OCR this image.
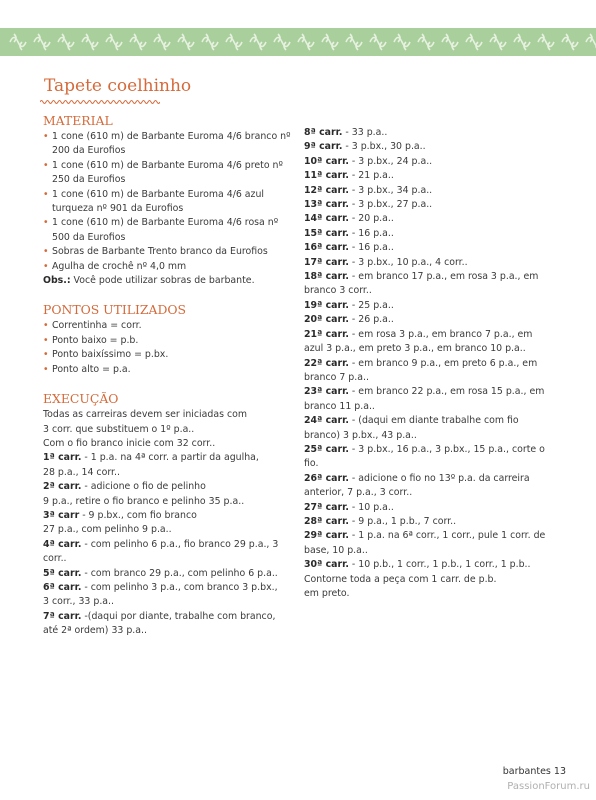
Tapete coelhinho
MATERIAL
• 1 cone (610 m) de Barbante Euroma 4/6 branco nº 200 da Eurofios
• 1 cone (610 m) de Barbante Euroma 4/6 preto nº 250 da Eurofios
• 1 cone (610 m) de Barbante Euroma 4/6 azul turqueza nº 901 da Eurofios
• 1 cone (610 m) de Barbante Euroma 4/6 rosa nº 500 da Eurofios
• Sobras de Barbante Trento branco da Eurofios
• Agulha de crochê nº 4,0 mm

Obs.: Você pode utilizar sobras de barbante.

PONTOS UTILIZADOS
• Correntinha = corr.
• Ponto baixo = p.b.
• Ponto baixíssimo = p.bx.
• Ponto alto = p.a.
EXECUÇÃO

Todas as carreiras devem ser iniciadas com

3 corr. que substituem o 1º p.a..

Com o fio branco inicie com 32 corr..

1ª carr. - 1 p.a. na 4ª corr. a partir da agulha,

28 p.a., 14 corr..

2ª carr. - adicione o fio de pelinho

9 p.a., retire o fio branco e pelinho 35 p.a..

3ª carr - 9 p.bx., com fio branco

27 p.a., com pelinho 9 p.a..

4ª carr. - com pelinho 6 p.a., fio branco 29 p.a., 3 corr..

5ª carr. - com branco 29 p.a., com pelinho 6 p.a..

6ª carr. - com pelinho 3 p.a., com branco 3 p.bx.,

3 corr., 33 p.a..

7ª carr. -(daqui por diante, trabalhe com branco,

até 2ª ordem) 33 p.a..

8ª carr. - 33 p.a..

9ª carr. - 3 p.bx., 30 p.a..

10ª carr. - 3 p.bx., 24 p.a..

11ª carr. - 21 p.a..

12ª carr. - 3 p.bx., 34 p.a..

13ª carr. - 3 p.bx., 27 p.a..

14ª carr. - 20 p.a..

15ª carr. - 16 p.a..

16ª carr. - 16 p.a..

17ª carr. - 3 p.bx., 10 p.a., 4 corr..

18ª carr. - em branco 17 p.a., em rosa 3 p.a., em

branco 3 corr..

19ª carr. - 25 p.a..

20ª carr. - 26 p.a..

21ª carr. - em rosa 3 p.a., em branco 7 p.a., em

azul 3 p.a., em preto 3 p.a., em branco 10 p.a..

22ª carr. - em branco 9 p.a., em preto 6 p.a., em

branco 7 p.a..

23ª carr. - em branco 22 p.a., em rosa 15 p.a., em

branco 11 p.a..

24ª carr. - (daqui em diante trabalhe com fio

branco) 3 p.bx., 43 p.a..

25ª carr. - 3 p.bx., 16 p.a., 3 p.bx., 15 p.a., corte o fio.

26ª carr. - adicione o fio no 13º p.a. da carreira

anterior, 7 p.a., 3 corr..

27ª carr. - 10 p.a..

28ª carr. - 9 p.a., 1 p.b., 7 corr..

29ª carr. - 1 p.a. na 6ª corr., 1 corr., pule 1 corr. de

base, 10 p.a..

30ª carr. - 10 p.b., 1 corr., 1 p.b., 1 corr., 1 p.b..

Contorne toda a peça com 1 carr. de p.b.

em preto.

barbantes 13
PassionForum.ru
